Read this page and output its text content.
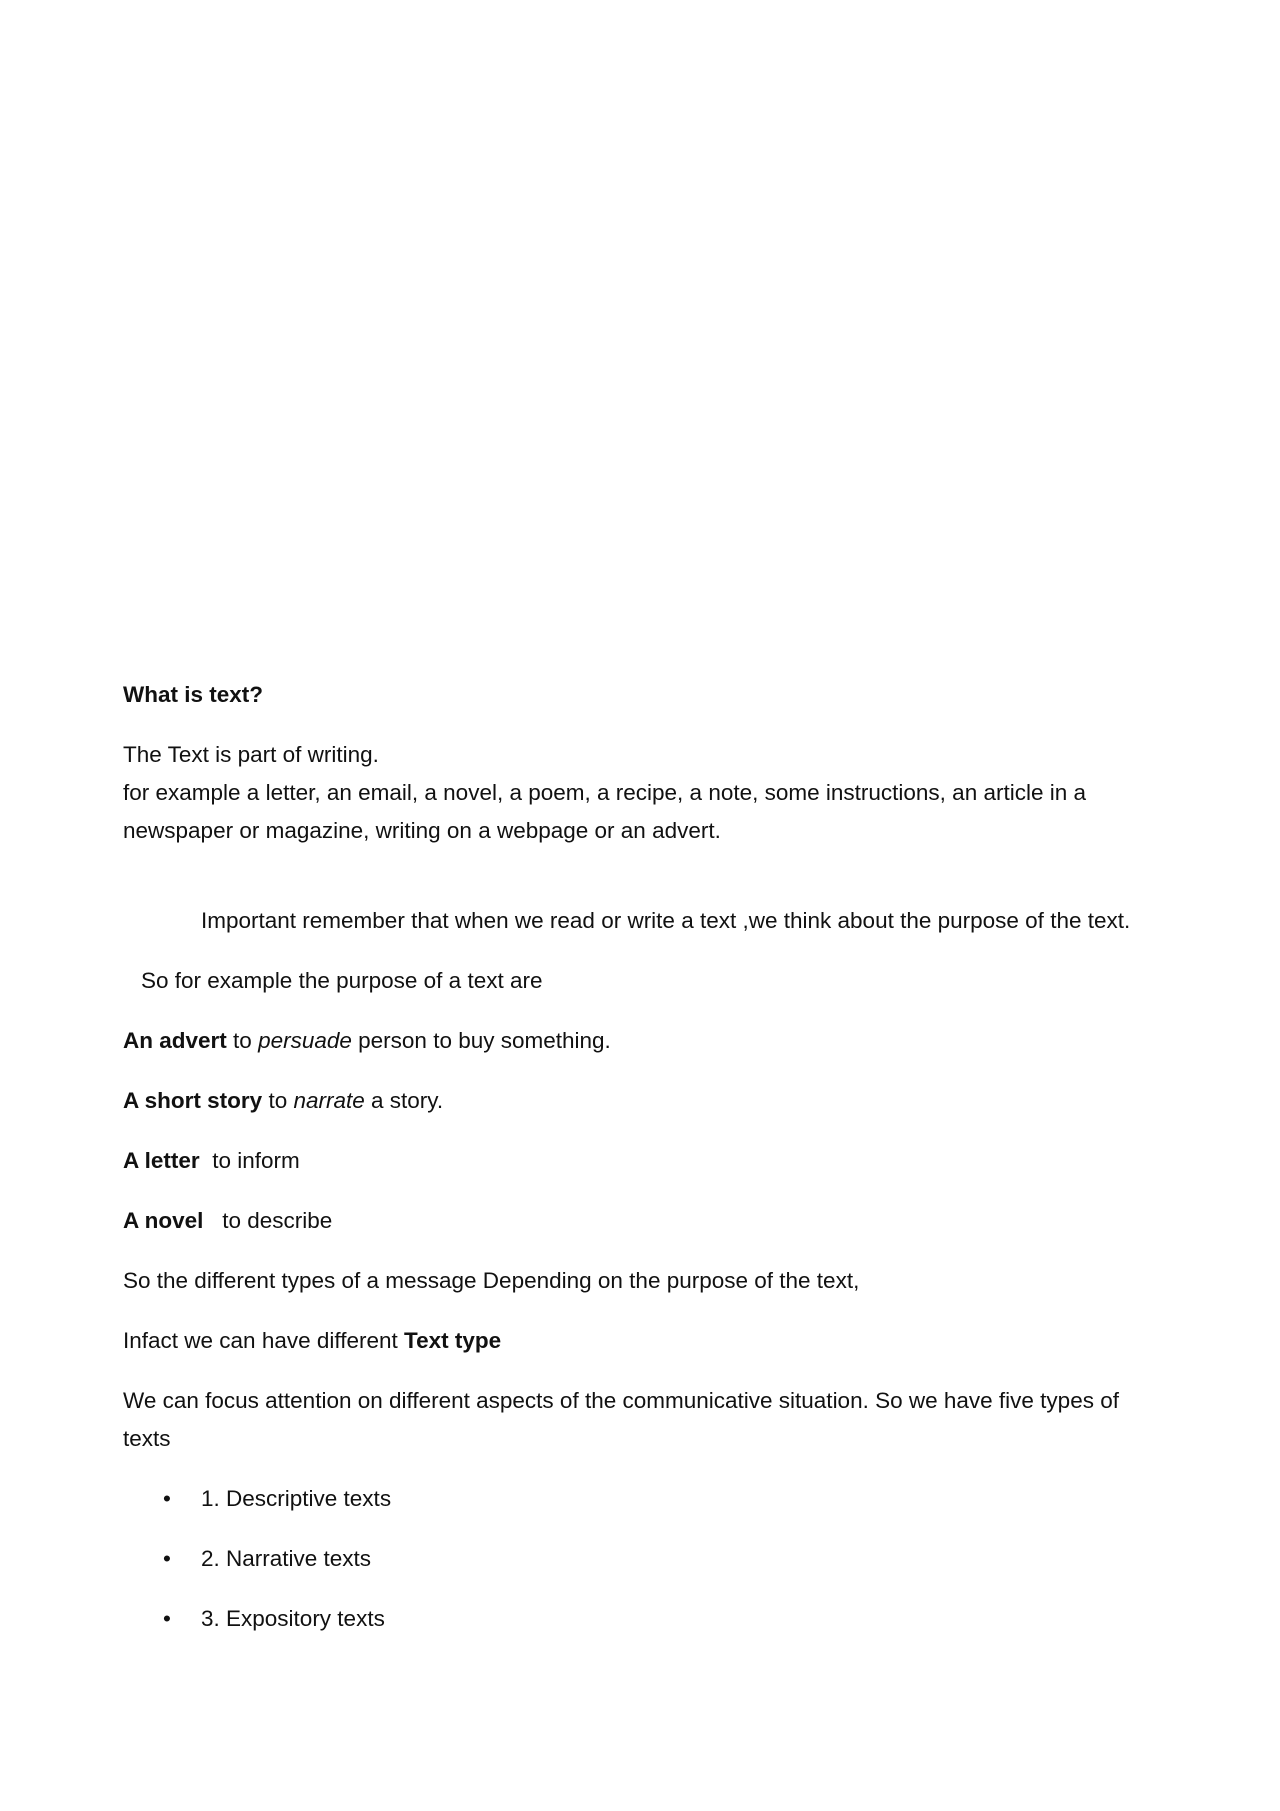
What is text?

The Text is part of writing.

for example a letter, an email, a novel, a poem, a recipe, a note, some instructions, an article in a newspaper or magazine, writing on a webpage or an advert.

Important remember that when we read or write a text ,we think about the purpose of the text.

So for example the purpose of a text are

An advert to persuade person to buy something.

A short story to narrate a story.

A letter  to inform

A novel   to describe

So the different types of a message Depending on the purpose of the text,

Infact we can have different Text type

We can focus attention on different aspects of the communicative situation. So we have five types of texts

• 1. Descriptive texts
• 2. Narrative texts
• 3. Expository texts
